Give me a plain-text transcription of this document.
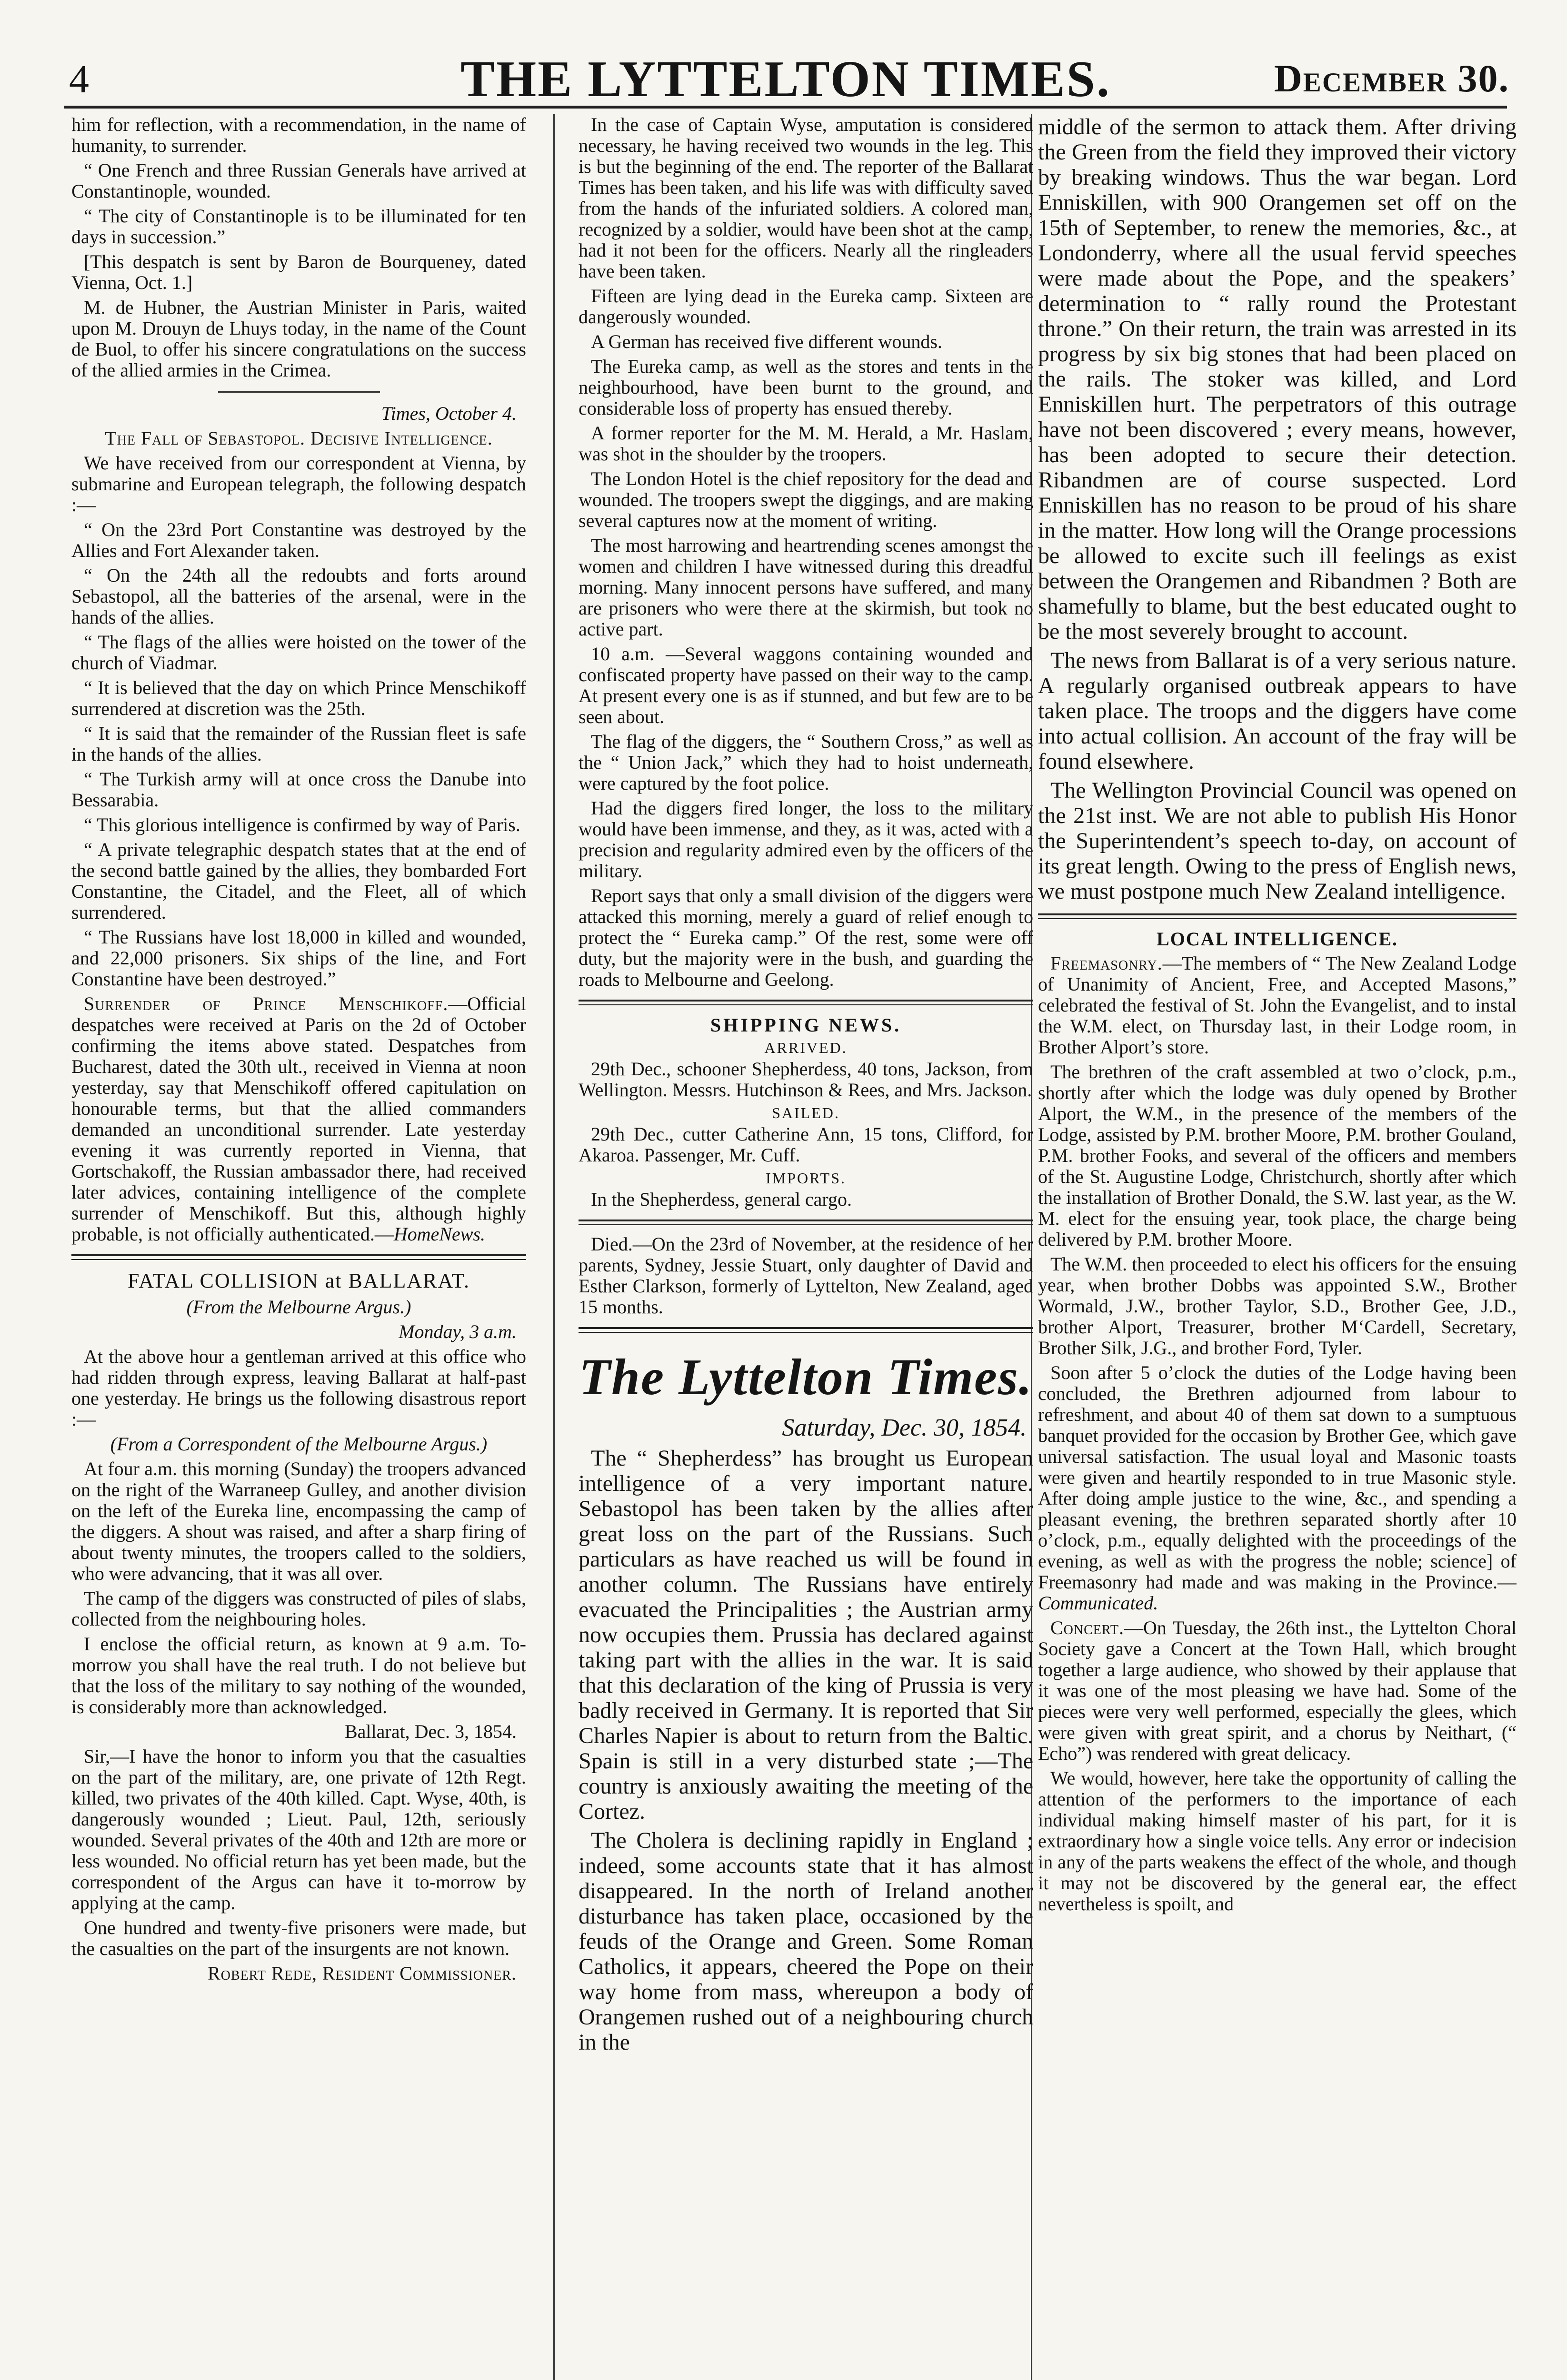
4	THE LYTTELTON TIMES.	December 30.

him for reflection, with a recommendation, in the name of humanity, to surrender.

“ One French and three Russian Generals have arrived at Constantinople, wounded.

“ The city of Constantinople is to be illuminated for ten days in succession.”

[This despatch is sent by Baron de Bourqueney, dated Vienna, Oct. 1.]

M. de Hubner, the Austrian Minister in Paris, waited upon M. Drouyn de Lhuys today, in the name of the Count de Buol, to offer his sincere congratulations on the success of the allied armies in the Crimea.

Times, October 4.

The Fall of Sebastopol. Decisive Intelligence.

We have received from our correspondent at Vienna, by submarine and European telegraph, the following despatch :—

“ On the 23rd Port Constantine was destroyed by the Allies and Fort Alexander taken.

“ On the 24th all the redoubts and forts around Sebastopol, all the batteries of the arsenal, were in the hands of the allies.

“ The flags of the allies were hoisted on the tower of the church of Viadmar.

“ It is believed that the day on which Prince Menschikoff surrendered at discretion was the 25th.

“ It is said that the remainder of the Russian fleet is safe in the hands of the allies.

“ The Turkish army will at once cross the Danube into Bessarabia.

“ This glorious intelligence is confirmed by way of Paris.

“ A private telegraphic despatch states that at the end of the second battle gained by the allies, they bombarded Fort Constantine, the Citadel, and the Fleet, all of which surrendered.

“ The Russians have lost 18,000 in killed and wounded, and 22,000 prisoners. Six ships of the line, and Fort Constantine have been destroyed.”

Surrender of Prince Menschikoff.—Official despatches were received at Paris on the 2d of October confirming the items above stated. Despatches from Bucharest, dated the 30th ult., received in Vienna at noon yesterday, say that Menschikoff offered capitulation on honourable terms, but that the allied commanders demanded an unconditional surrender. Late yesterday evening it was currently reported in Vienna, that Gortschakoff, the Russian ambassador there, had received later advices, containing intelligence of the complete surrender of Menschikoff. But this, although highly probable, is not officially authenticated.—HomeNews.

FATAL COLLISION at BALLARAT.

(From the Melbourne Argus.)

Monday, 3 a.m.

At the above hour a gentleman arrived at this office who had ridden through express, leaving Ballarat at half-past one yesterday. He brings us the following disastrous report :—

(From a Correspondent of the Melbourne Argus.)

At four a.m. this morning (Sunday) the troopers advanced on the right of the Warraneep Gulley, and another division on the left of the Eureka line, encompassing the camp of the diggers. A shout was raised, and after a sharp firing of about twenty minutes, the troopers called to the soldiers, who were advancing, that it was all over.

The camp of the diggers was constructed of piles of slabs, collected from the neighbouring holes.

I enclose the official return, as known at 9 a.m. To-morrow you shall have the real truth. I do not believe but that the loss of the military to say nothing of the wounded, is considerably more than acknowledged.

Ballarat, Dec. 3, 1854.

Sir,—I have the honor to inform you that the casualties on the part of the military, are, one private of 12th Regt. killed, two privates of the 40th killed. Capt. Wyse, 40th, is dangerously wounded ; Lieut. Paul, 12th, seriously wounded. Several privates of the 40th and 12th are more or less wounded. No official return has yet been made, but the correspondent of the Argus can have it to-morrow by applying at the camp.

One hundred and twenty-five prisoners were made, but the casualties on the part of the insurgents are not known.

Robert Rede, Resident Commissioner.

In the case of Captain Wyse, amputation is considered necessary, he having received two wounds in the leg. This is but the beginning of the end. The reporter of the Ballarat Times has been taken, and his life was with difficulty saved from the hands of the infuriated soldiers. A colored man, recognized by a soldier, would have been shot at the camp, had it not been for the officers. Nearly all the ringleaders have been taken.

Fifteen are lying dead in the Eureka camp. Sixteen are dangerously wounded.

A German has received five different wounds.

The Eureka camp, as well as the stores and tents in the neighbourhood, have been burnt to the ground, and considerable loss of property has ensued thereby.

A former reporter for the M. M. Herald, a Mr. Haslam, was shot in the shoulder by the troopers.

The London Hotel is the chief repository for the dead and wounded. The troopers swept the diggings, and are making several captures now at the moment of writing.

The most harrowing and heartrending scenes amongst the women and children I have witnessed during this dreadful morning. Many innocent persons have suffered, and many are prisoners who were there at the skirmish, but took no active part.

10 a.m. —Several waggons containing wounded and confiscated property have passed on their way to the camp. At present every one is as if stunned, and but few are to be seen about.

The flag of the diggers, the “ Southern Cross,” as well as the “ Union Jack,” which they had to hoist underneath, were captured by the foot police.

Had the diggers fired longer, the loss to the military would have been immense, and they, as it was, acted with a precision and regularity admired even by the officers of the military.

Report says that only a small division of the diggers were attacked this morning, merely a guard of relief enough to protect the “ Eureka camp.” Of the rest, some were off duty, but the majority were in the bush, and guarding the roads to Melbourne and Geelong.

SHIPPING NEWS.
ARRIVED.

29th Dec., schooner Shepherdess, 40 tons, Jackson, from Wellington. Messrs. Hutchinson & Rees, and Mrs. Jackson.

SAILED.

29th Dec., cutter Catherine Ann, 15 tons, Clifford, for Akaroa. Passenger, Mr. Cuff.

IMPORTS.

In the Shepherdess, general cargo.

Died.—On the 23rd of November, at the residence of her parents, Sydney, Jessie Stuart, only daughter of David and Esther Clarkson, formerly of Lyttelton, New Zealand, aged 15 months.

The Lyttelton Times.
Saturday, Dec. 30, 1854.

The “ Shepherdess” has brought us European intelligence of a very important nature. Sebastopol has been taken by the allies after great loss on the part of the Russians. Such particulars as have reached us will be found in another column. The Russians have entirely evacuated the Principalities ; the Austrian army now occupies them. Prussia has declared against taking part with the allies in the war. It is said that this declaration of the king of Prussia is very badly received in Germany. It is reported that Sir Charles Napier is about to return from the Baltic. Spain is still in a very disturbed state ;—The country is anxiously awaiting the meeting of the Cortez.

The Cholera is declining rapidly in England ; indeed, some accounts state that it has almost disappeared. In the north of Ireland another disturbance has taken place, occasioned by the feuds of the Orange and Green. Some Roman Catholics, it appears, cheered the Pope on their way home from mass, whereupon a body of Orangemen rushed out of a neighbouring church in the

middle of the sermon to attack them. After driving the Green from the field they improved their victory by breaking windows. Thus the war began. Lord Enniskillen, with 900 Orangemen set off on the 15th of September, to renew the memories, &c., at Londonderry, where all the usual fervid speeches were made about the Pope, and the speakers’ determination to “ rally round the Protestant throne.” On their return, the train was arrested in its progress by six big stones that had been placed on the rails. The stoker was killed, and Lord Enniskillen hurt. The perpetrators of this outrage have not been discovered ; every means, however, has been adopted to secure their detection. Ribandmen are of course suspected. Lord Enniskillen has no reason to be proud of his share in the matter. How long will the Orange processions be allowed to excite such ill feelings as exist between the Orangemen and Ribandmen ? Both are shamefully to blame, but the best educated ought to be the most severely brought to account.

The news from Ballarat is of a very serious nature. A regularly organised outbreak appears to have taken place. The troops and the diggers have come into actual collision. An account of the fray will be found elsewhere.

The Wellington Provincial Council was opened on the 21st inst. We are not able to publish His Honor the Superintendent’s speech to-day, on account of its great length. Owing to the press of English news, we must postpone much New Zealand intelligence.

LOCAL INTELLIGENCE.

Freemasonry.—The members of “ The New Zealand Lodge of Unanimity of Ancient, Free, and Accepted Masons,” celebrated the festival of St. John the Evangelist, and to instal the W.M. elect, on Thursday last, in their Lodge room, in Brother Alport’s store.

The brethren of the craft assembled at two o’clock, p.m., shortly after which the lodge was duly opened by Brother Alport, the W.M., in the presence of the members of the Lodge, assisted by P.M. brother Moore, P.M. brother Gouland, P.M. brother Fooks, and several of the officers and members of the St. Augustine Lodge, Christchurch, shortly after which the installation of Brother Donald, the S.W. last year, as the W. M. elect for the ensuing year, took place, the charge being delivered by P.M. brother Moore.

The W.M. then proceeded to elect his officers for the ensuing year, when brother Dobbs was appointed S.W., Brother Wormald, J.W., brother Taylor, S.D., Brother Gee, J.D., brother Alport, Treasurer, brother M‘Cardell, Secretary, Brother Silk, J.G., and brother Ford, Tyler.

Soon after 5 o’clock the duties of the Lodge having been concluded, the Brethren adjourned from labour to refreshment, and about 40 of them sat down to a sumptuous banquet provided for the occasion by Brother Gee, which gave universal satisfaction. The usual loyal and Masonic toasts were given and heartily responded to in true Masonic style. After doing ample justice to the wine, &c., and spending a pleasant evening, the brethren separated shortly after 10 o’clock, p.m., equally delighted with the proceedings of the evening, as well as with the progress the noble; science] of Freemasonry had made and was making in the Province.—Communicated.

Concert.—On Tuesday, the 26th inst., the Lyttelton Choral Society gave a Concert at the Town Hall, which brought together a large audience, who showed by their applause that it was one of the most pleasing we have had. Some of the pieces were very well performed, especially the glees, which were given with great spirit, and a chorus by Neithart, (“ Echo”) was rendered with great delicacy.

We would, however, here take the opportunity of calling the attention of the performers to the importance of each individual making himself master of his part, for it is extraordinary how a single voice tells. Any error or indecision in any of the parts weakens the effect of the whole, and though it may not be discovered by the general ear, the effect nevertheless is spoilt, and
